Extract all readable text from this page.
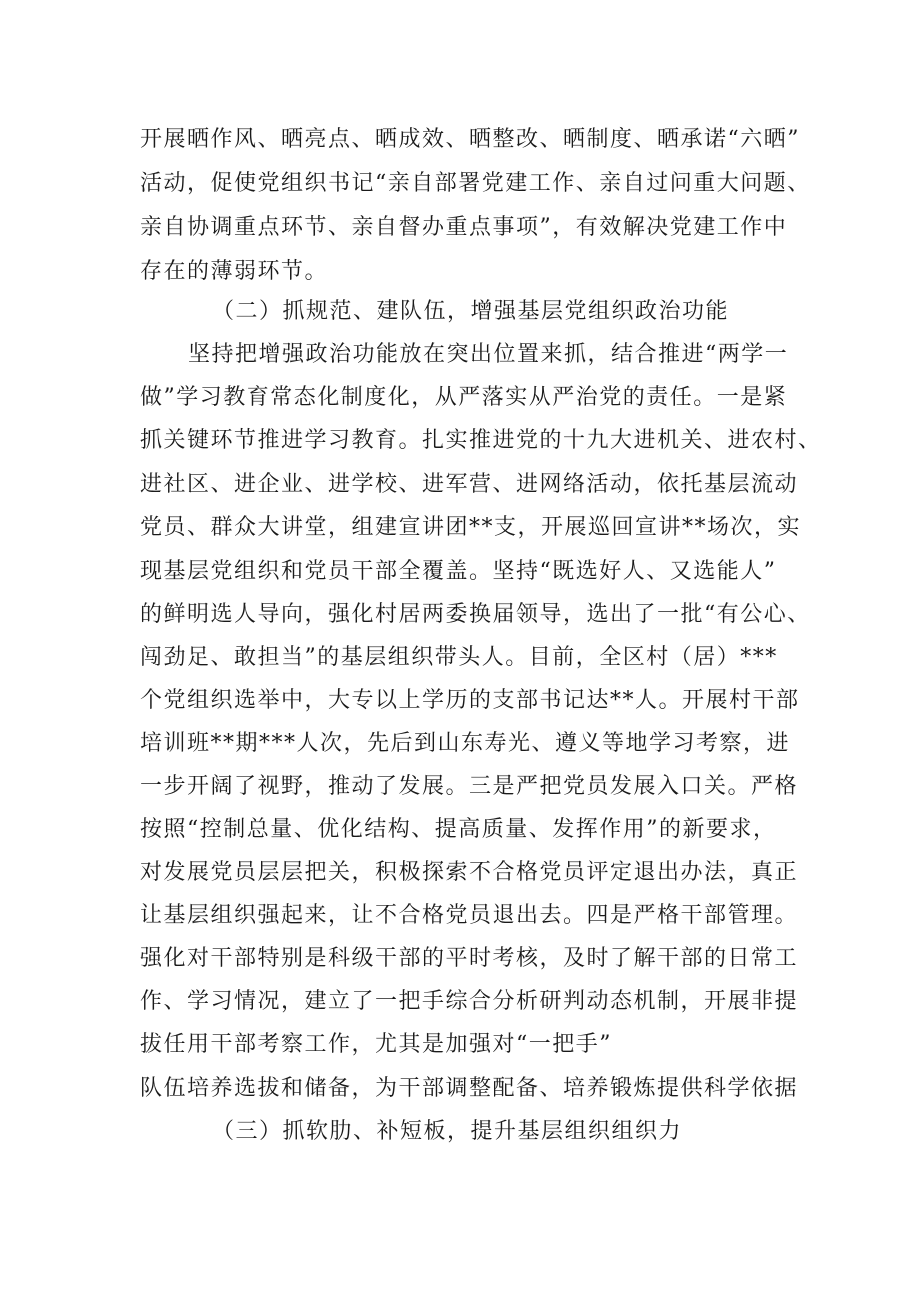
开展晒作风、晒亮点、晒成效、晒整改、晒制度、晒承诺“六晒”
活动，促使党组织书记“亲自部署党建工作、亲自过问重大问题、
亲自协调重点环节、亲自督办重点事项”，有效解决党建工作中
存在的薄弱环节。
（二）抓规范、建队伍，增强基层党组织政治功能
坚持把增强政治功能放在突出位置来抓，结合推进“两学一
做”学习教育常态化制度化，从严落实从严治党的责任。一是紧
抓关键环节推进学习教育。扎实推进党的十九大进机关、进农村、
进社区、进企业、进学校、进军营、进网络活动，依托基层流动
党员、群众大讲堂，组建宣讲团**支，开展巡回宣讲**场次，实
现基层党组织和党员干部全覆盖。坚持“既选好人、又选能人”
的鲜明选人导向，强化村居两委换届领导，选出了一批“有公心、
闯劲足、敢担当”的基层组织带头人。目前，全区村（居）***
个党组织选举中，大专以上学历的支部书记达**人。开展村干部
培训班**期***人次，先后到山东寿光、遵义等地学习考察，进
一步开阔了视野，推动了发展。三是严把党员发展入口关。严格
按照“控制总量、优化结构、提高质量、发挥作用”的新要求，
对发展党员层层把关，积极探索不合格党员评定退出办法，真正
让基层组织强起来，让不合格党员退出去。四是严格干部管理。
强化对干部特别是科级干部的平时考核，及时了解干部的日常工
作、学习情况，建立了一把手综合分析研判动态机制，开展非提
拔任用干部考察工作，尤其是加强对“一把手”
队伍培养选拔和储备，为干部调整配备、培养锻炼提供科学依据
（三）抓软肋、补短板，提升基层组织组织力
